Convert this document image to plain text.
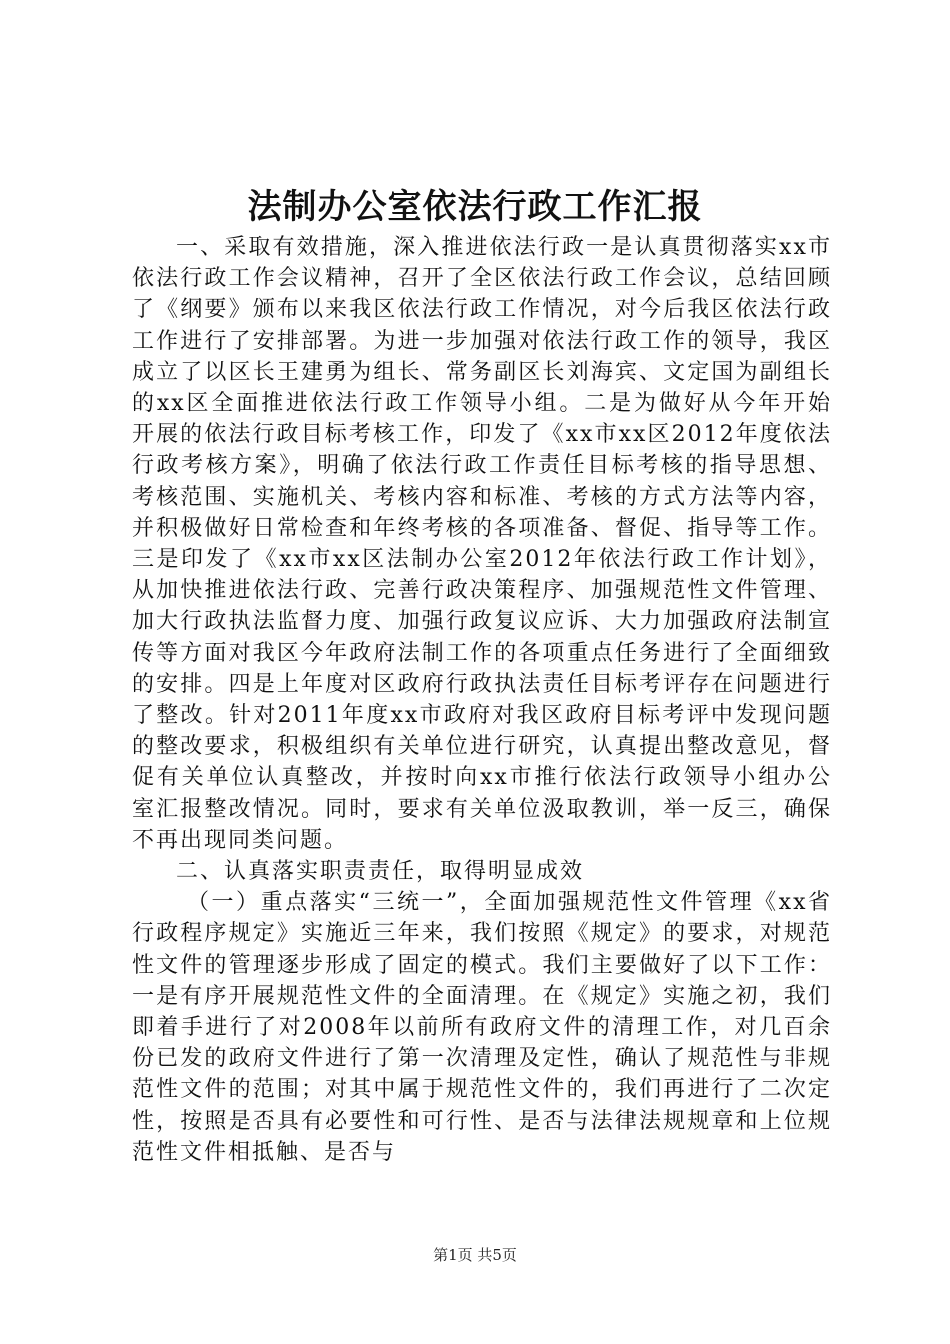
法制办公室依法行政工作汇报

一、采取有效措施，深入推进依法行政一是认真贯彻落实xx市依法行政工作会议精神，召开了全区依法行政工作会议，总结回顾了《纲要》颁布以来我区依法行政工作情况，对今后我区依法行政工作进行了安排部署。为进一步加强对依法行政工作的领导，我区成立了以区长王建勇为组长、常务副区长刘海宾、文定国为副组长的xx区全面推进依法行政工作领导小组。二是为做好从今年开始开展的依法行政目标考核工作，印发了《xx市xx区2012年度依法行政考核方案》，明确了依法行政工作责任目标考核的指导思想、考核范围、实施机关、考核内容和标准、考核的方式方法等内容，并积极做好日常检查和年终考核的各项准备、督促、指导等工作。三是印发了《xx市xx区法制办公室2012年依法行政工作计划》，从加快推进依法行政、完善行政决策程序、加强规范性文件管理、加大行政执法监督力度、加强行政复议应诉、大力加强政府法制宣传等方面对我区今年政府法制工作的各项重点任务进行了全面细致的安排。四是上年度对区政府行政执法责任目标考评存在问题进行了整改。针对2011年度xx市政府对我区政府目标考评中发现问题的整改要求，积极组织有关单位进行研究，认真提出整改意见，督促有关单位认真整改，并按时向xx市推行依法行政领导小组办公室汇报整改情况。同时，要求有关单位汲取教训，举一反三，确保不再出现同类问题。

二、认真落实职责责任，取得明显成效

（一）重点落实“三统一”，全面加强规范性文件管理《xx省行政程序规定》实施近三年来，我们按照《规定》的要求，对规范性文件的管理逐步形成了固定的模式。我们主要做好了以下工作：一是有序开展规范性文件的全面清理。在《规定》实施之初，我们即着手进行了对2008年以前所有政府文件的清理工作，对几百余份已发的政府文件进行了第一次清理及定性，确认了规范性与非规范性文件的范围；对其中属于规范性文件的，我们再进行了二次定性，按照是否具有必要性和可行性、是否与法律法规规章和上位规范性文件相抵触、是否与

第1页 共5页
